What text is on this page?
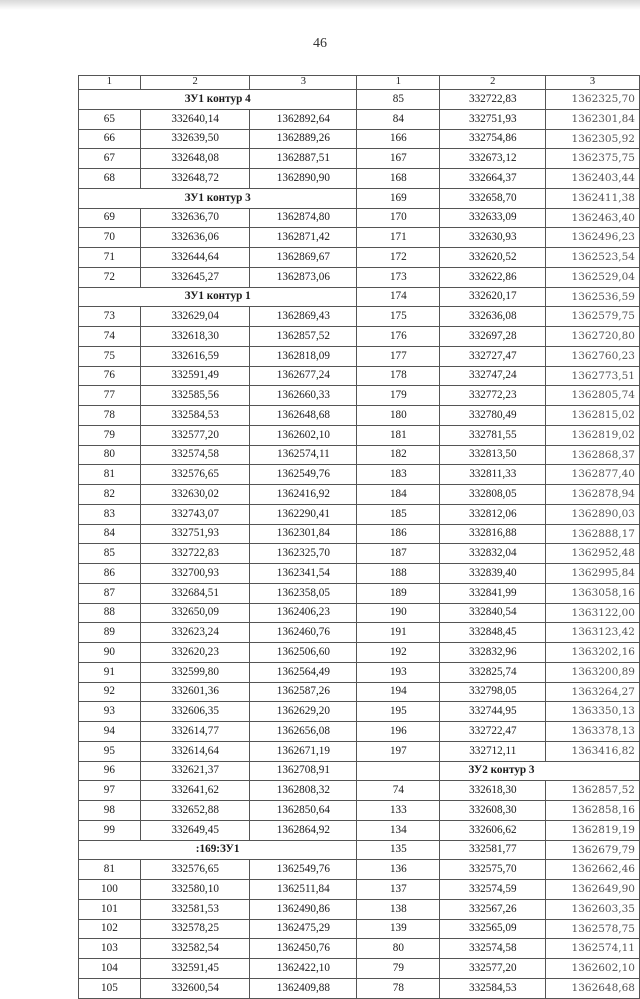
46
1	2	3
ЗУ1 контур 4		
65	332640,14	1362892,64
66	332639,50	1362889,26
67	332648,08	1362887,51
68	332648,72	1362890,90
ЗУ1 контур 3		
69	332636,70	1362874,80
70	332636,06	1362871,42
71	332644,64	1362869,67
72	332645,27	1362873,06
ЗУ1 контур 1		
73	332629,04	1362869,43
74	332618,30	1362857,52
75	332616,59	1362818,09
76	332591,49	1362677,24
77	332585,56	1362660,33
78	332584,53	1362648,68
79	332577,20	1362602,10
80	332574,58	1362574,11
81	332576,65	1362549,76
82	332630,02	1362416,92
83	332743,07	1362290,41
84	332751,93	1362301,84
85	332722,83	1362325,70
86	332700,93	1362341,54
87	332684,51	1362358,05
88	332650,09	1362406,23
89	332623,24	1362460,76
90	332620,23	1362506,60
91	332599,80	1362564,49
92	332601,36	1362587,26
93	332606,35	1362629,20
94	332614,77	1362656,08
95	332614,64	1362671,19
96	332621,37	1362708,91
97	332641,62	1362808,32
98	332652,88	1362850,64
99	332649,45	1362864,92
:169:ЗУ1		
81	332576,65	1362549,76
100	332580,10	1362511,84
101	332581,53	1362490,86
102	332578,25	1362475,29
103	332582,54	1362450,76
104	332591,45	1362422,10
105	332600,54	1362409,88
1	2	3
85	332722,83	1362325,70
84	332751,93	1362301,84
166	332754,86	1362305,92
167	332673,12	1362375,75
168	332664,37	1362403,44
169	332658,70	1362411,38
170	332633,09	1362463,40
171	332630,93	1362496,23
172	332620,52	1362523,54
173	332622,86	1362529,04
174	332620,17	1362536,59
175	332636,08	1362579,75
176	332697,28	1362720,80
177	332727,47	1362760,23
178	332747,24	1362773,51
179	332772,23	1362805,74
180	332780,49	1362815,02
181	332781,55	1362819,02
182	332813,50	1362868,37
183	332811,33	1362877,40
184	332808,05	1362878,94
185	332812,06	1362890,03
186	332816,88	1362888,17
187	332832,04	1362952,48
188	332839,40	1362995,84
189	332841,99	1363058,16
190	332840,54	1363122,00
191	332848,45	1363123,42
192	332832,96	1363202,16
193	332825,74	1363200,89
194	332798,05	1363264,27
195	332744,95	1363350,13
196	332722,47	1363378,13
197	332712,11	1363416,82
	ЗУ2 контур 3	
74	332618,30	1362857,52
133	332608,30	1362858,16
134	332606,62	1362819,19
135	332581,77	1362679,79
136	332575,70	1362662,46
137	332574,59	1362649,90
138	332567,26	1362603,35
139	332565,09	1362578,75
80	332574,58	1362574,11
79	332577,20	1362602,10
78	332584,53	1362648,68
